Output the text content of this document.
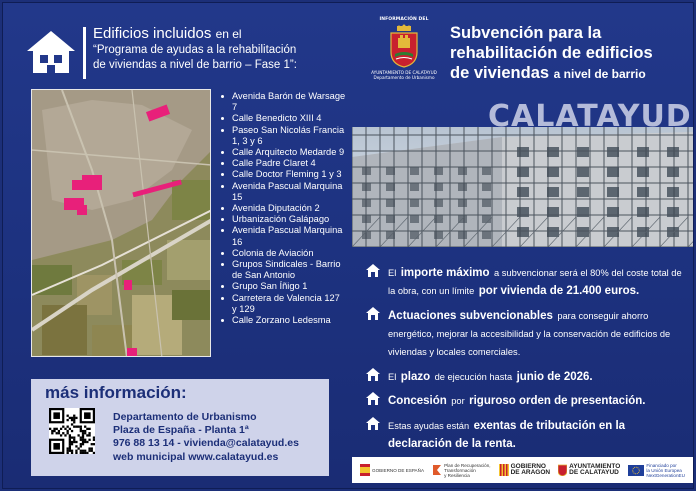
Edificios incluidos en el
“Programa de ayudas a la rehabilitación
de viviendas a nivel de barrio – Fase 1”:
Avenida Barón de Warsage 7
Calle Benedicto XIII 4
Paseo San Nicolás Francia 1, 3 y 6
Calle Arquitecto Medarde 9
Calle Padre Claret 4
Calle Doctor Fleming 1 y 3
Avenida Pascual Marquina 15
Avenida Diputación 2
Urbanización Galápago
Avenida Pascual Marquina 16
Colonia de Aviación
Grupos Sindicales - Barrio de San Antonio
Grupo San Íñigo 1
Carretera de Valencia 127 y 129
Calle Zorzano Ledesma
más información:
Departamento de Urbanismo
Plaza de España - Planta 1ª
976 88 13 14 - vivienda@calatayud.es
web municipal www.calatayud.es
INFORMACIÓN DEL
AYUNTAMIENTO DE CALATAYUD
Departamento de Urbanismo
Subvención para la
rehabilitación de edificios
de viviendas a nivel de barrio
CALATAYUD
El importe máximo a subvencionar será el 80% del coste total de la obra, con un límite por vivienda de 21.400 euros.
Actuaciones subvencionables para conseguir ahorro energético, mejorar la accesibilidad y la conservación de edificios de viviendas y locales comerciales.
El plazo de ejecución hasta junio de 2026.
Concesión por riguroso orden de presentación.
Estas ayudas están exentas de tributación en la declaración de la renta.
GOBIERNO DE ESPAÑA
Plan de Recuperación,
Transformación
y Resiliencia
GOBIERNO
DE ARAGON
AYUNTAMIENTO
DE CALATAYUD
Financiado por
la Unión Europea
NextGenerationEU
